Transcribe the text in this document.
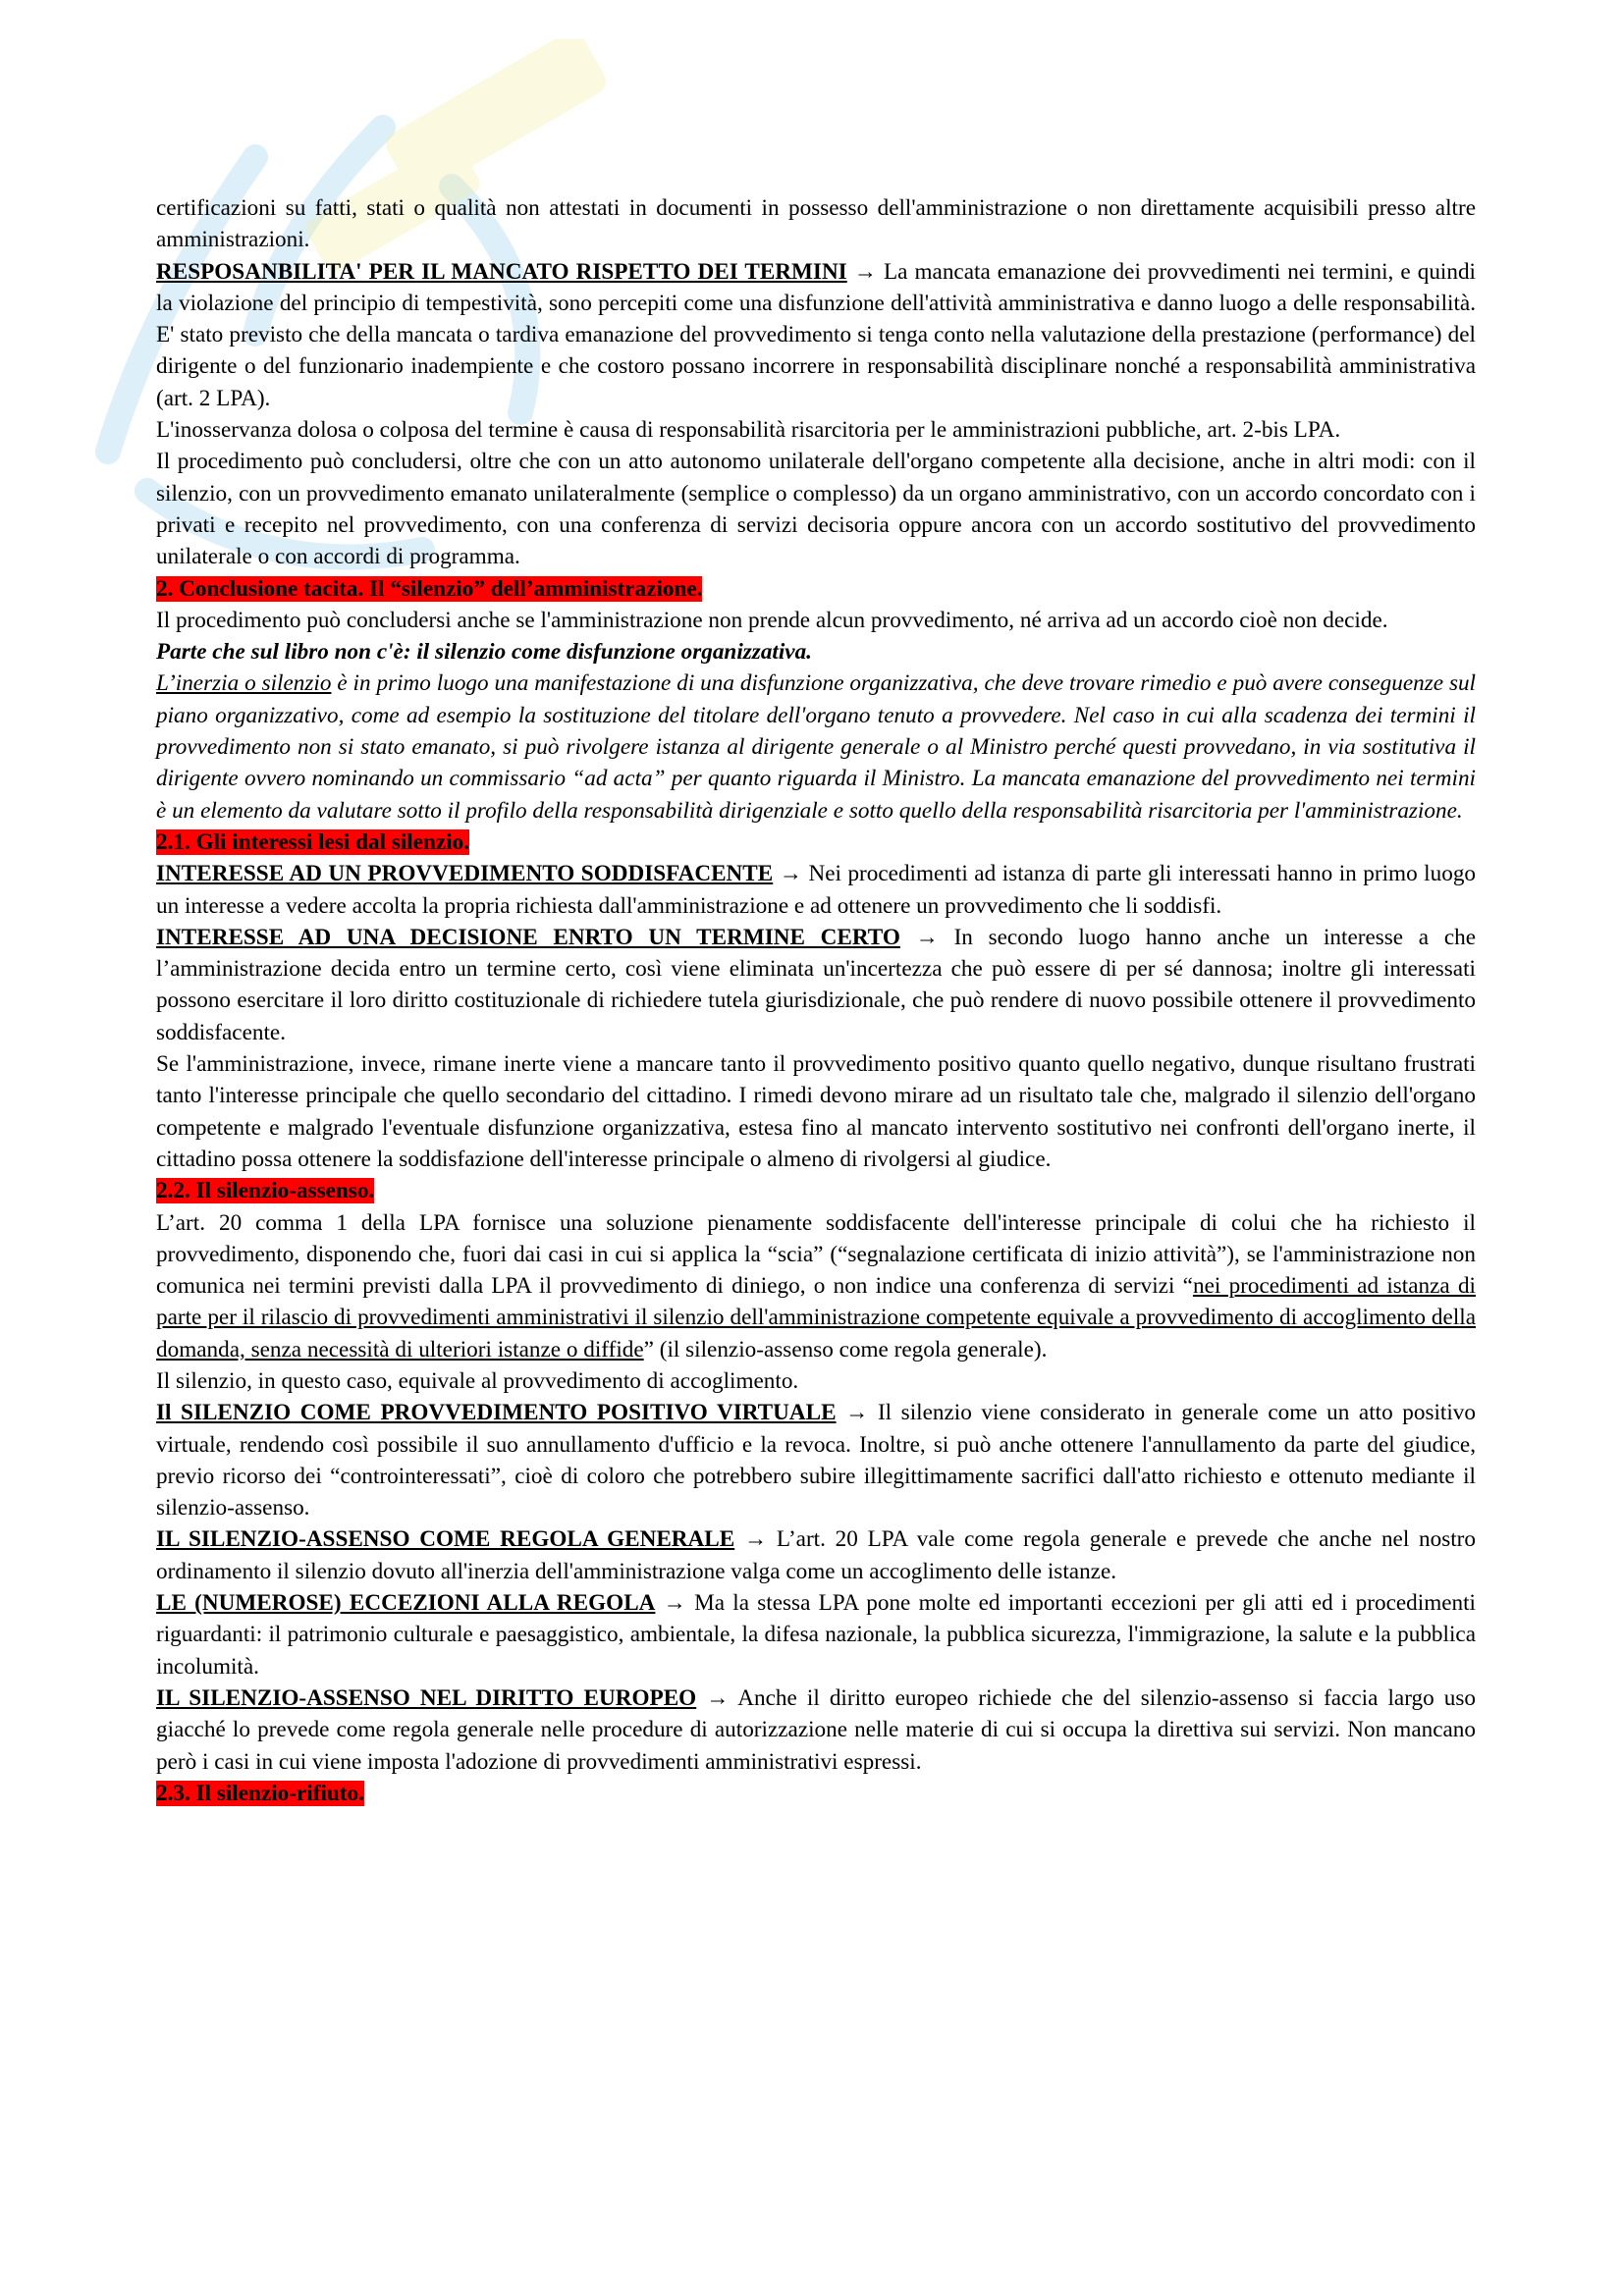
certificazioni su fatti, stati o qualità non attestati in documenti in possesso dell'amministrazione o non direttamente acquisibili presso altre amministrazioni.

RESPOSANBILITA' PER IL MANCATO RISPETTO DEI TERMINI → La mancata emanazione dei provvedimenti nei termini, e quindi la violazione del principio di tempestività, sono percepiti come una disfunzione dell'attività amministrativa e danno luogo a delle responsabilità. E' stato previsto che della mancata o tardiva emanazione del provvedimento si tenga conto nella valutazione della prestazione (performance) del dirigente o del funzionario inadempiente e che costoro possano incorrere in responsabilità disciplinare nonché a responsabilità amministrativa (art. 2 LPA).

L'inosservanza dolosa o colposa del termine è causa di responsabilità risarcitoria per le amministrazioni pubbliche, art. 2-bis LPA.

Il procedimento può concludersi, oltre che con un atto autonomo unilaterale dell'organo competente alla decisione, anche in altri modi: con il silenzio, con un provvedimento emanato unilateralmente (semplice o complesso) da un organo amministrativo, con un accordo concordato con i privati e recepito nel provvedimento, con una conferenza di servizi decisoria oppure ancora con un accordo sostitutivo del provvedimento unilaterale o con accordi di programma.

2. Conclusione tacita. Il “silenzio” dell’amministrazione.

Il procedimento può concludersi anche se l'amministrazione non prende alcun provvedimento, né arriva ad un accordo cioè non decide.

Parte che sul libro non c'è: il silenzio come disfunzione organizzativa.

L’inerzia o silenzio è in primo luogo una manifestazione di una disfunzione organizzativa, che deve trovare rimedio e può avere conseguenze sul piano organizzativo, come ad esempio la sostituzione del titolare dell'organo tenuto a provvedere. Nel caso in cui alla scadenza dei termini il provvedimento non si stato emanato, si può rivolgere istanza al dirigente generale o al Ministro perché questi provvedano, in via sostitutiva il dirigente ovvero nominando un commissario “ad acta” per quanto riguarda il Ministro. La mancata emanazione del provvedimento nei termini è un elemento da valutare sotto il profilo della responsabilità dirigenziale e sotto quello della responsabilità risarcitoria per l'amministrazione.

2.1. Gli interessi lesi dal silenzio.

INTERESSE AD UN PROVVEDIMENTO SODDISFACENTE → Nei procedimenti ad istanza di parte gli interessati hanno in primo luogo un interesse a vedere accolta la propria richiesta dall'amministrazione e ad ottenere un provvedimento che li soddisfi.

INTERESSE AD UNA DECISIONE ENRTO UN TERMINE CERTO → In secondo luogo hanno anche un interesse a che l’amministrazione decida entro un termine certo, così viene eliminata un'incertezza che può essere di per sé dannosa; inoltre gli interessati possono esercitare il loro diritto costituzionale di richiedere tutela giurisdizionale, che può rendere di nuovo possibile ottenere il provvedimento soddisfacente.

Se l'amministrazione, invece, rimane inerte viene a mancare tanto il provvedimento positivo quanto quello negativo, dunque risultano frustrati tanto l'interesse principale che quello secondario del cittadino. I rimedi devono mirare ad un risultato tale che, malgrado il silenzio dell'organo competente e malgrado l'eventuale disfunzione organizzativa, estesa fino al mancato intervento sostitutivo nei confronti dell'organo inerte, il cittadino possa ottenere la soddisfazione dell'interesse principale o almeno di rivolgersi al giudice.

2.2. Il silenzio-assenso.

L’art. 20 comma 1 della LPA fornisce una soluzione pienamente soddisfacente dell'interesse principale di colui che ha richiesto il provvedimento, disponendo che, fuori dai casi in cui si applica la “scia” (“segnalazione certificata di inizio attività”), se l'amministrazione non comunica nei termini previsti dalla LPA il provvedimento di diniego, o non indice una conferenza di servizi “nei procedimenti ad istanza di parte per il rilascio di provvedimenti amministrativi il silenzio dell'amministrazione competente equivale a provvedimento di accoglimento della domanda, senza necessità di ulteriori istanze o diffide” (il silenzio-assenso come regola generale).

Il silenzio, in questo caso, equivale al provvedimento di accoglimento.

Il SILENZIO COME PROVVEDIMENTO POSITIVO VIRTUALE → Il silenzio viene considerato in generale come un atto positivo virtuale, rendendo così possibile il suo annullamento d'ufficio e la revoca. Inoltre, si può anche ottenere l'annullamento da parte del giudice, previo ricorso dei “controinteressati”, cioè di coloro che potrebbero subire illegittimamente sacrifici dall'atto richiesto e ottenuto mediante il silenzio-assenso.

IL SILENZIO-ASSENSO COME REGOLA GENERALE → L’art. 20 LPA vale come regola generale e prevede che anche nel nostro ordinamento il silenzio dovuto all'inerzia dell'amministrazione valga come un accoglimento delle istanze.

LE (NUMEROSE) ECCEZIONI ALLA REGOLA → Ma la stessa LPA pone molte ed importanti eccezioni per gli atti ed i procedimenti riguardanti: il patrimonio culturale e paesaggistico, ambientale, la difesa nazionale, la pubblica sicurezza, l'immigrazione, la salute e la pubblica incolumità.

IL SILENZIO-ASSENSO NEL DIRITTO EUROPEO → Anche il diritto europeo richiede che del silenzio-assenso si faccia largo uso giacché lo prevede come regola generale nelle procedure di autorizzazione nelle materie di cui si occupa la direttiva sui servizi. Non mancano però i casi in cui viene imposta l'adozione di provvedimenti amministrativi espressi.

2.3. Il silenzio-rifiuto.
